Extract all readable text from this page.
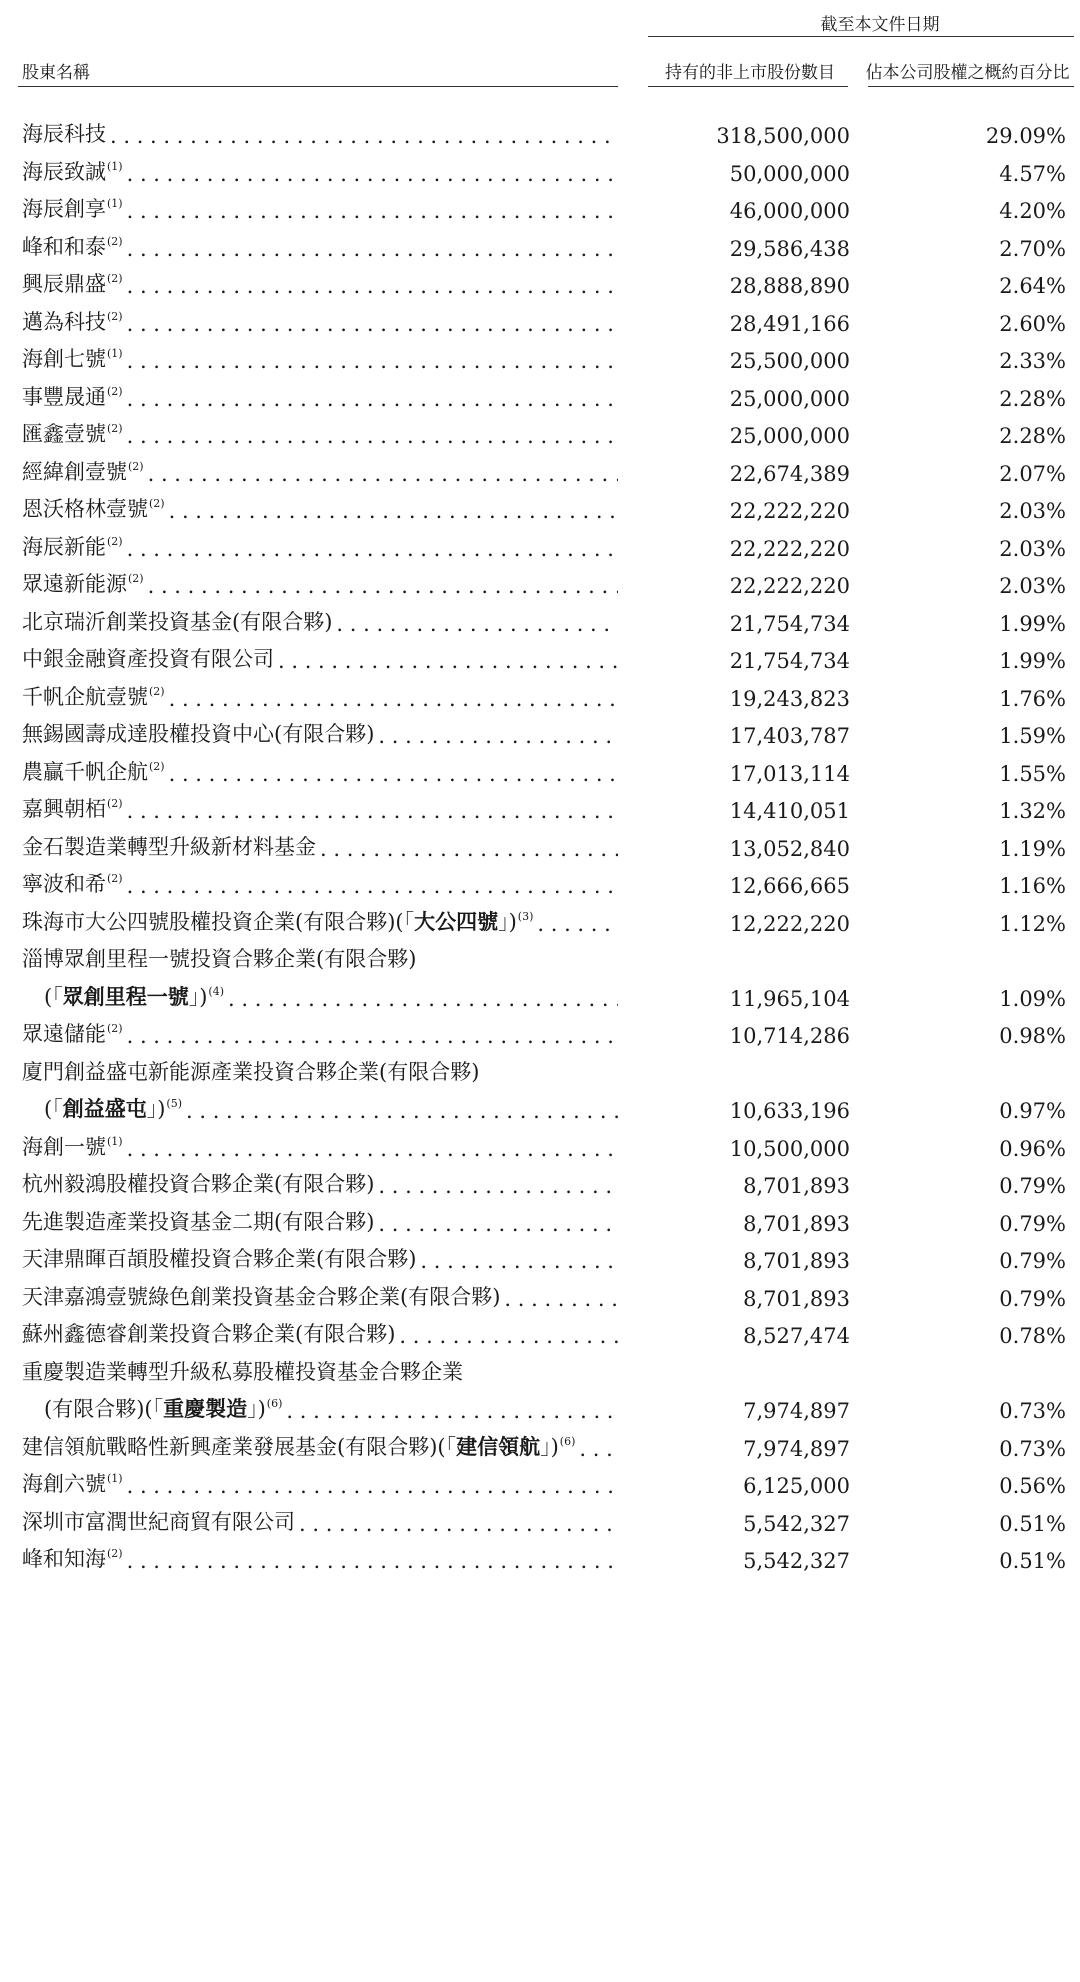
截至本文件日期
股東名稱	持有的非上市股份數目	佔本公司股權之概約百分比
海辰科技 . . .	318,500,000	29.09%
海辰致誠$^{(1)}$ . . .	50,000,000	4.57%
海辰創享$^{(1)}$ . . .	46,000,000	4.20%
峰和和泰$^{(2)}$ . . .	29,586,438	2.70%
興辰鼎盛$^{(2)}$ . . .	28,888,890	2.64%
邁為科技$^{(2)}$ . . .	28,491,166	2.60%
海創七號$^{(1)}$ . . .	25,500,000	2.33%
事豐晟通$^{(2)}$ . . .	25,000,000	2.28%
匯鑫壹號$^{(2)}$ . . .	25,000,000	2.28%
經緯創壹號$^{(2)}$ . . .	22,674,389	2.07%
恩沃格林壹號$^{(2)}$ . . .	22,222,220	2.03%
海辰新能$^{(2)}$ . . .	22,222,220	2.03%
眾遠新能源$^{(2)}$ . . .	22,222,220	2.03%
北京瑞沂創業投資基金(有限合夥) . . .	21,754,734	1.99%
中銀金融資產投資有限公司 . . .	21,754,734	1.99%
千帆企航壹號$^{(2)}$ . . .	19,243,823	1.76%
無錫國壽成達股權投資中心(有限合夥) . . .	17,403,787	1.59%
農贏千帆企航$^{(2)}$ . . .	17,013,114	1.55%
嘉興朝栢$^{(2)}$ . . .	14,410,051	1.32%
金石製造業轉型升級新材料基金 . . .	13,052,840	1.19%
寧波和希$^{(2)}$ . . .	12,666,665	1.16%
珠海市大公四號股權投資企業(有限合夥)(「大公四號」)$^{(3)}$ . . .	12,222,220	1.12%
淄博眾創里程一號投資合夥企業(有限合夥)
(「眾創里程一號」)$^{(4)}$ . . .	11,965,104	1.09%
眾遠儲能$^{(2)}$ . . .	10,714,286	0.98%
廈門創益盛屯新能源產業投資合夥企業(有限合夥)
(「創益盛屯」)$^{(5)}$ . . .	10,633,196	0.97%
海創一號$^{(1)}$ . . .	10,500,000	0.96%
杭州毅鴻股權投資合夥企業(有限合夥) . . .	8,701,893	0.79%
先進製造產業投資基金二期(有限合夥) . . .	8,701,893	0.79%
天津鼎暉百頡股權投資合夥企業(有限合夥) . . .	8,701,893	0.79%
天津嘉鴻壹號綠色創業投資基金合夥企業(有限合夥) . . .	8,701,893	0.79%
蘇州鑫德睿創業投資合夥企業(有限合夥) . . .	8,527,474	0.78%
重慶製造業轉型升級私募股權投資基金合夥企業
(有限合夥)(「重慶製造」)$^{(6)}$ . . .	7,974,897	0.73%
建信領航戰略性新興產業發展基金(有限合夥)(「建信領航」)$^{(6)}$ . . .	7,974,897	0.73%
海創六號$^{(1)}$ . . .	6,125,000	0.56%
深圳市富潤世紀商貿有限公司 . . .	5,542,327	0.51%
峰和知海$^{(2)}$ . . .	5,542,327	0.51%
